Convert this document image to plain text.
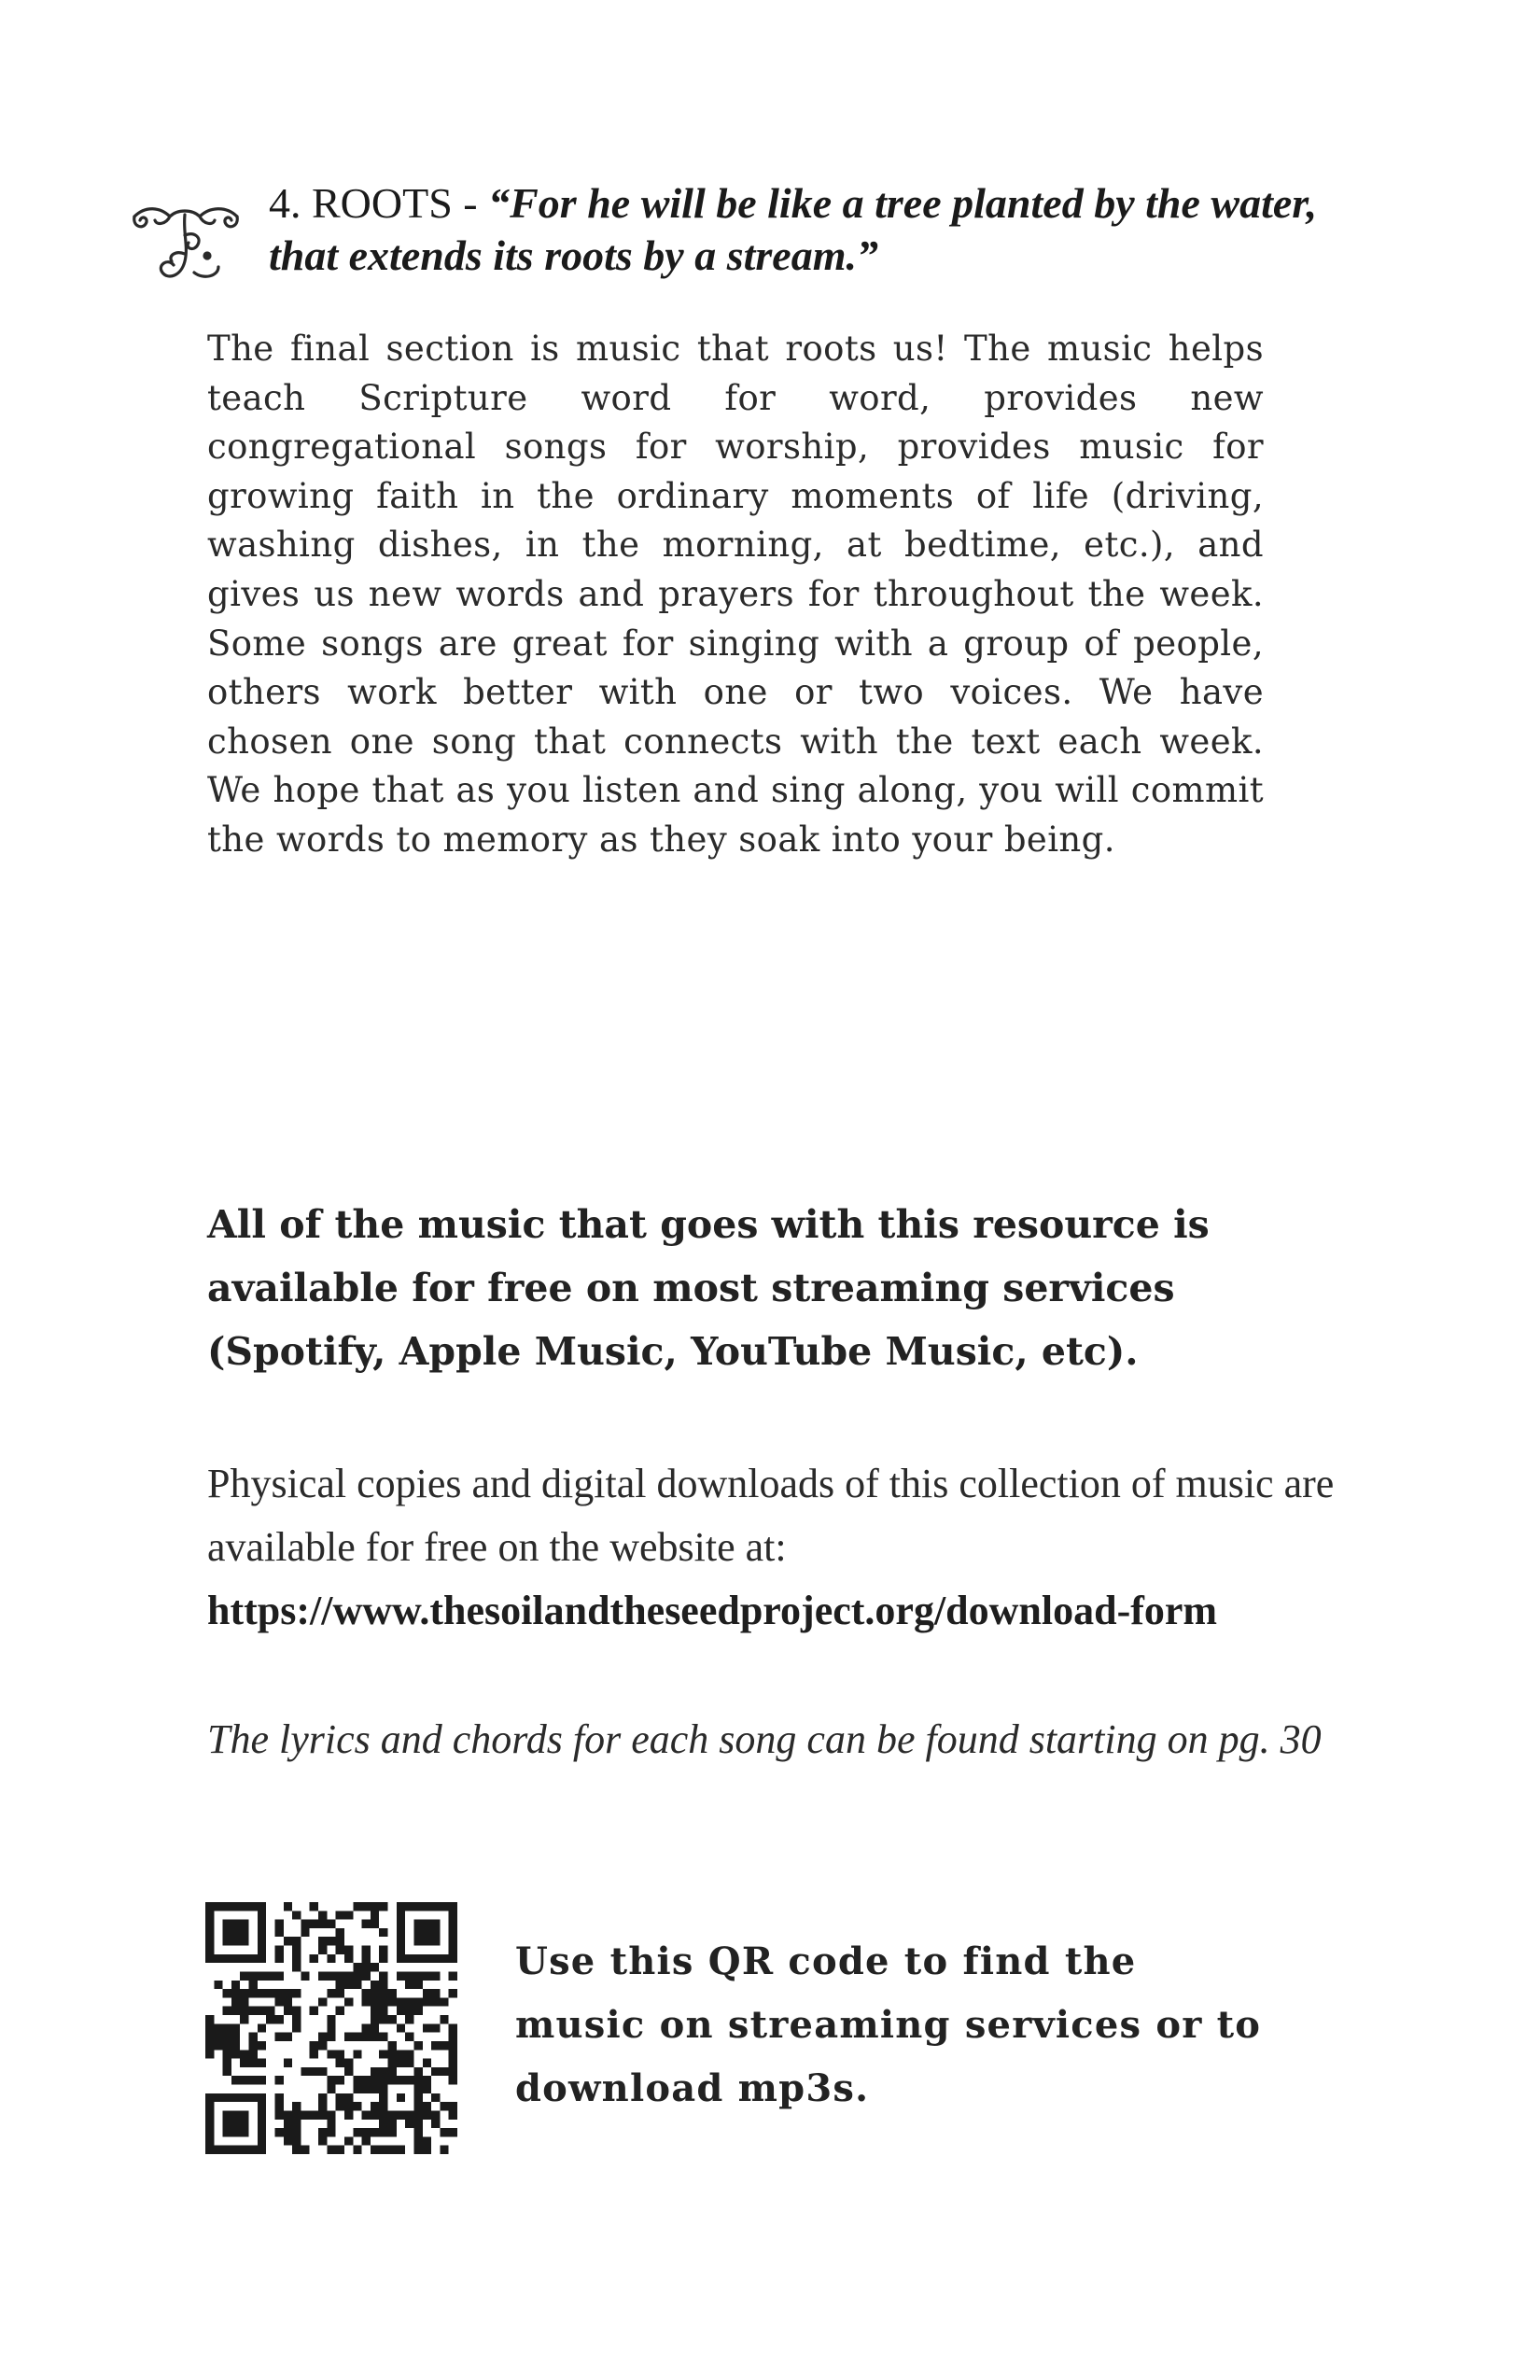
4. ROOTS - “For he will be like a tree planted by the water, that extends its roots by a stream.”

The final section is music that roots us! The music helps teach Scripture word for word, provides new congregational songs for worship, provides music for growing faith in the ordinary moments of life (driving, washing dishes, in the morning, at bedtime, etc.), and gives us new words and prayers for throughout the week. Some songs are great for singing with a group of people, others work better with one or two voices. We have chosen one song that connects with the text each week. We hope that as you listen and sing along, you will commit the words to memory as they soak into your being.

All of the music that goes with this resource is available for free on most streaming services (Spotify, Apple Music, YouTube Music, etc).

Physical copies and digital downloads of this collection of music are available for free on the website at:

https://www.thesoilandtheseedproject.org/download-form

The lyrics and chords for each song can be found starting on pg. 30

Use this QR code to find the music on streaming services or to download mp3s.
